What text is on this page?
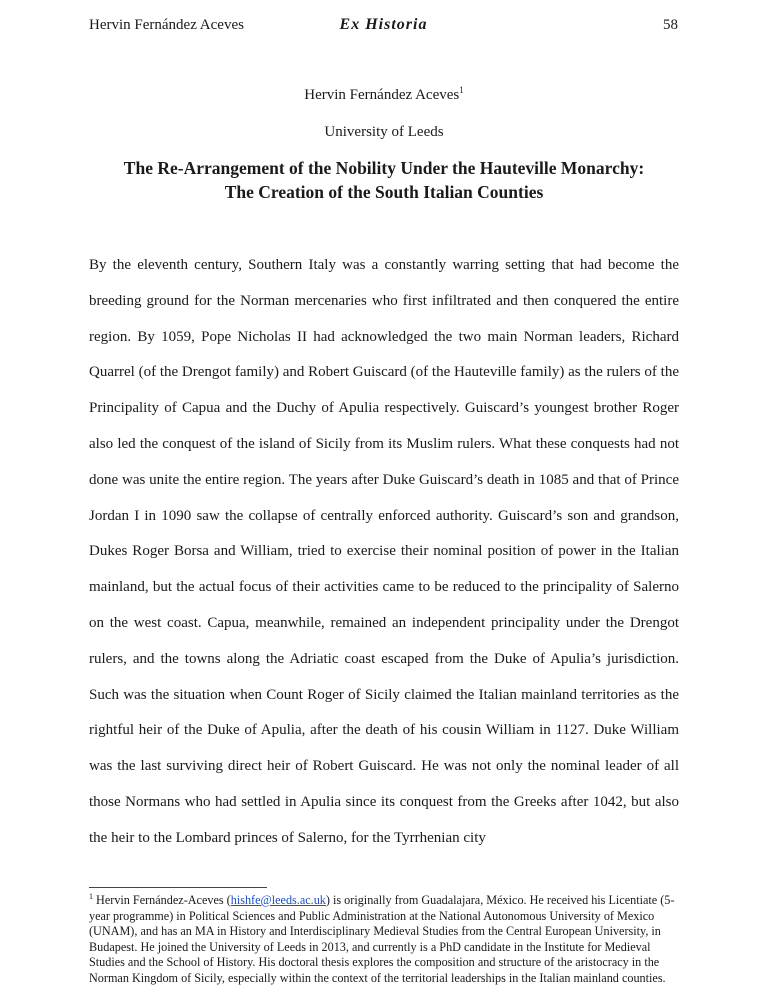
Hervin Fernández Aceves	Ex Historia	58
Hervin Fernández Aceves$^1$
University of Leeds
The Re-Arrangement of the Nobility Under the Hauteville Monarchy: The Creation of the South Italian Counties

By the eleventh century, Southern Italy was a constantly warring setting that had become the breeding ground for the Norman mercenaries who first infiltrated and then conquered the entire region. By 1059, Pope Nicholas II had acknowledged the two main Norman leaders, Richard Quarrel (of the Drengot family) and Robert Guiscard (of the Hauteville family) as the rulers of the Principality of Capua and the Duchy of Apulia respectively. Guiscard’s youngest brother Roger also led the conquest of the island of Sicily from its Muslim rulers. What these conquests had not done was unite the entire region. The years after Duke Guiscard’s death in 1085 and that of Prince Jordan I in 1090 saw the collapse of centrally enforced authority. Guiscard’s son and grandson, Dukes Roger Borsa and William, tried to exercise their nominal position of power in the Italian mainland, but the actual focus of their activities came to be reduced to the principality of Salerno on the west coast. Capua, meanwhile, remained an independent principality under the Drengot rulers, and the towns along the Adriatic coast escaped from the Duke of Apulia’s jurisdiction. Such was the situation when Count Roger of Sicily claimed the Italian mainland territories as the rightful heir of the Duke of Apulia, after the death of his cousin William in 1127. Duke William was the last surviving direct heir of Robert Guiscard. He was not only the nominal leader of all those Normans who had settled in Apulia since its conquest from the Greeks after 1042, but also the heir to the Lombard princes of Salerno, for the Tyrrhenian city

$^1$ Hervin Fernández-Aceves (hishfe@leeds.ac.uk) is originally from Guadalajara, México. He received his Licentiate (5-year programme) in Political Sciences and Public Administration at the National Autonomous University of Mexico (UNAM), and has an MA in History and Interdisciplinary Medieval Studies from the Central European University, in Budapest. He joined the University of Leeds in 2013, and currently is a PhD candidate in the Institute for Medieval Studies and the School of History. His doctoral thesis explores the composition and structure of the aristocracy in the Norman Kingdom of Sicily, especially within the context of the territorial leaderships in the Italian mainland counties.
